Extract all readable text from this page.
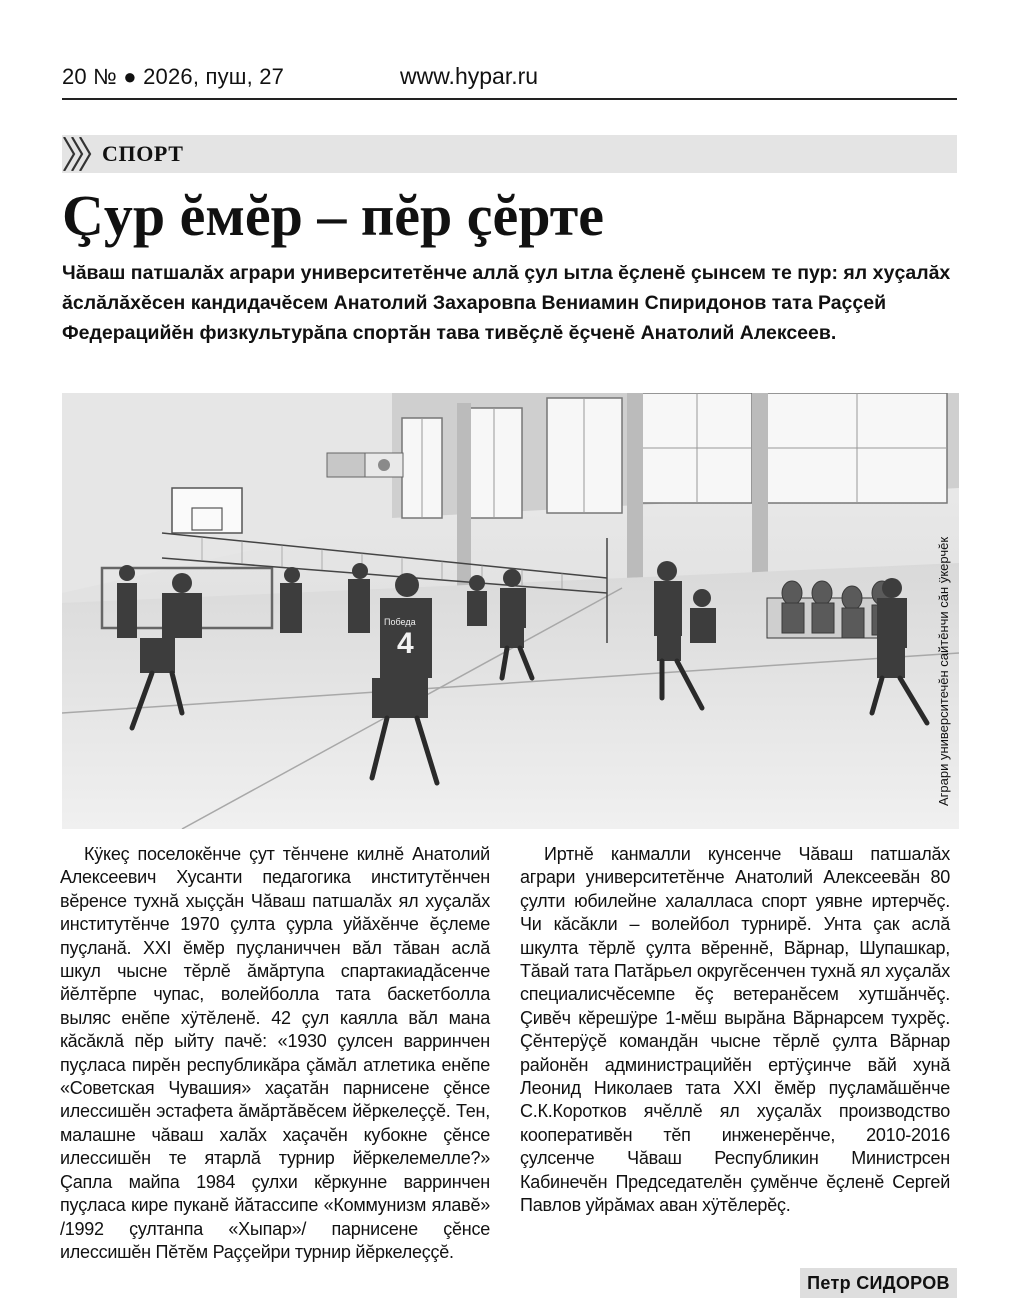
20 № ● 2026, пуш, 27	www.hypar.ru
СПОРТ
Çур ĕмĕр – пĕр çĕрте

Чăваш патшалăх аграри университетĕнче аллă çул ытла ĕçленĕ çынсем те пур: ял хуçалăх ăслăлăхĕсен кандидачĕсем Анатолий Захаровпа Вениамин Спиридонов тата Раççей Федерацийĕн физкультурăпа спортăн тава тивĕçлĕ ĕçченĕ Анатолий Алексеев.

Победа
4	Аграри университечĕн сайтĕнчи сăн ÿкерчĕк

Кÿкеç поселокĕнче çут тĕнчене килнĕ Анатолий Алексеевич Хусанти педагогика институтĕнчен вĕренсе тухнă хыççăн Чăваш патшалăх ял хуçалăх институтĕнче 1970 çулта çурла уйăхĕнче ĕçлеме пуçланă. XXI ĕмĕр пуçланиччен вăл тăван аслă шкул чысне тĕрлĕ ăмăртупа спартакиадăсенче йĕлтĕрпе чупас, волейболла тата баскетболла выляс енĕпе хÿтĕленĕ. 42 çул каялла вăл мана кăсăклă пĕр ыйту пачĕ: «1930 çулсен варринчен пуçласа пирĕн республикăра çăмăл атлетика енĕпе «Советская Чувашия» хаçатăн парнисене çĕнсе илессишĕн эстафета ăмăртăвĕсем йĕркелеççĕ. Тен, малашне чăваш халăх хаçачĕн кубокне çĕнсе илессишĕн те ятарлă турнир йĕркелемелле?» Çапла майпа 1984 çулхи кĕркунне варринчен пуçласа кире пуканĕ йăтассипе «Коммунизм ялавĕ» /1992 çултанпа «Хыпар»/ парнисене çĕнсе илессишĕн Пĕтĕм Раççейри турнир йĕркелеççĕ.

Иртнĕ канмалли кунсенче Чăваш патшалăх аграри университетĕнче Анатолий Алексеевăн 80 çулти юбилейне халалласа спорт уявне иртерчĕç. Чи кăсăкли – волейбол турнирĕ. Унта çак аслă шкулта тĕрлĕ çулта вĕреннĕ, Вăрнар, Шупашкар, Тăвай тата Патăрьел округĕсенчен тухнă ял хуçалăх специалисчĕсемпе ĕç ветеранĕсем хутшăнчĕç. Çивĕч кĕрешÿре 1-мĕш вырăна Вăрнарсем тухрĕç. Çĕнтерÿçĕ командăн чысне тĕрлĕ çулта Вăрнар районĕн администрацийĕн ертÿçинче вăй хунă Леонид Николаев тата XXI ĕмĕр пуçламăшĕнче С.К.Коротков ячĕллĕ ял хуçалăх производство кооперативĕн тĕп инженерĕнче, 2010-2016 çулсенче Чăваш Республикин Министрсен Кабинечĕн Председателĕн çумĕнче ĕçленĕ Сергей Павлов уйрăмах аван хÿтĕлерĕç.

Петр СИДОРОВ
